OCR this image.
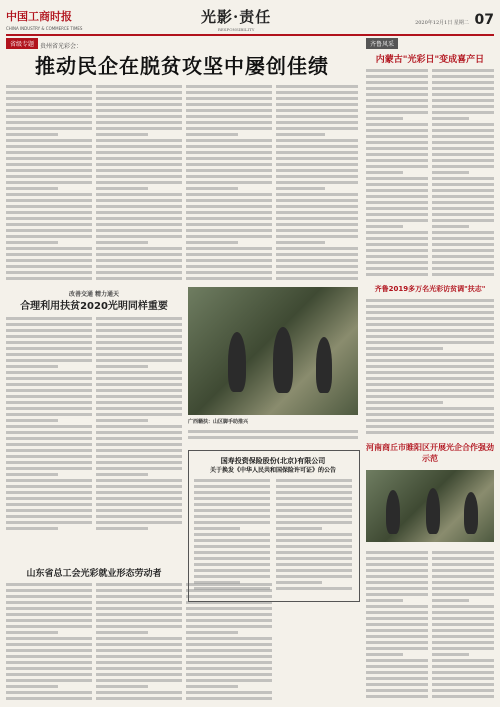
中国工商时报
CHINA INDUSTRY & COMMERCE TIMES
光影·责任
RESPONSIBILITY
2020年12月1日 星期二 07
省级专题 贵州省光彩会：
推动民企在脱贫攻坚中屡创佳绩
改善交通 精力通天
合理利用扶贫2020光明同样重要
广西籍扶：山区脚手助推兴
山东省总工会光彩就业形态劳动者
国寿投资保险股份(北京)有限公司
关于换发《中华人民共和国保险许可证》的公告
齐鲁风采
内蒙古"光彩日"变成喜产日
齐鲁2019多万名光彩访贫调"扶志"
河南商丘市睢阳区开展光企合作强劲示范
